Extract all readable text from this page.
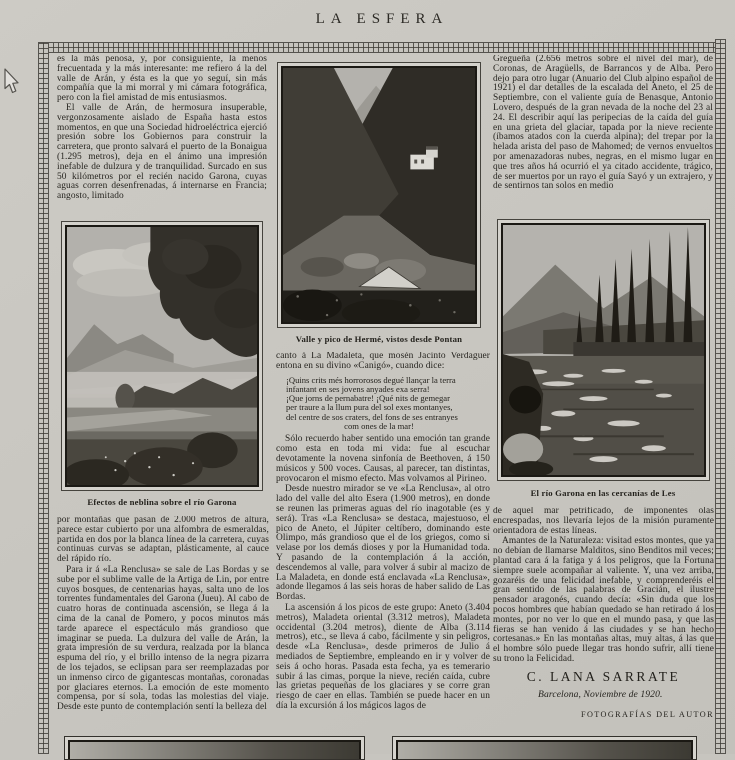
LA ESFERA

es la más penosa, y, por consiguiente, la menos frecuentada y la más interesante: me refiero á la del valle de Arán, y ésta es la que yo seguí, sin más compañía que la mi morral y mi cámara fotográfica, pero con la fiel amistad de mis entusiasmos.

El valle de Arán, de hermosura insuperable, vergonzosamente aislado de España hasta estos momentos, en que una Sociedad hidroeléctrica ejerció presión sobre los Gobiernos para construir la carretera, que pronto salvará el puerto de la Bonaigua (1.295 metros), deja en el ánimo una impresión inefable de dulzura y de tranquilidad. Surcado en sus 50 kilómetros por el recién nacido Garona, cuyas aguas corren desenfrenadas, á internarse en Francia; angosto, limitado

Efectos de neblina sobre el río Garona

por montañas que pasan de 2.000 metros de altura, parece estar cubierto por una alfombra de esmeraldas, partida en dos por la blanca línea de la carretera, cuyas continuas curvas se adaptan, plásticamente, al cauce del rápido río.

Para ir á «La Renclusa» se sale de Las Bordas y se sube por el sublime valle de la Artiga de Lin, por entre cuyos bosques, de centenarias hayas, salta uno de los torrentes fundamentales del Garona (Jueu). Al cabo de cuatro horas de continuada ascensión, se llega á la cima de la canal de Pomero, y pocos minutos más tarde aparece el espectáculo más grandioso que imaginar se pueda. La dulzura del valle de Arán, la grata impresión de su verdura, realzada por la blanca espuma del río, y el brillo intenso de la negra pizarra de los tejados, se eclipsan para ser reemplazadas por un inmenso circo de gigantescas montañas, coronadas por glaciares eternos. La emoción de este momento compensa, por sí sola, todas las molestias del viaje. Desde este punto de contemplación sentí la belleza del

Valle y pico de Hermé, vistos desde Pontan

canto á La Madaleta, que mosén Jacinto Verdaguer entona en su divino «Canigó», cuando dice:

¡Quins crits més horrorosos degué llançar la terra
infantant en ses jovens anyades exa serra!
¡Que jorns de pernabatre! ¡Qué nits de gemegar
per traure a la llum pura del sol exes montanyes,
del centre de sos craters, del fons de ses entranyes
com ones de la mar!

Sólo recuerdo haber sentido una emoción tan grande como esta en toda mi vida: fue al escuchar devotamente la novena sinfonía de Beethoven, á 150 músicos y 500 voces. Causas, al parecer, tan distintas, provocaron el mismo efecto. Mas volvamos al Pirineo.

Desde nuestro mirador se ve «La Renclusa», al otro lado del valle del alto Esera (1.900 metros), en donde se reunen las primeras aguas del río inagotable (es y será). Tras «La Renclusa» se destaca, majestuoso, el pico de Aneto, el Júpiter celtíbero, dominando este Olimpo, más grandioso que el de los griegos, como si velase por los demás dioses y por la Humanidad toda. Y pasando de la contemplación á la acción, descendemos al valle, para volver á subir al macizo de La Maladeta, en donde está enclavada «La Renclusa», adonde llegamos á las seis horas de haber salido de Las Bordas.

La ascensión á los picos de este grupo: Aneto (3.404 metros), Maladeta oriental (3.312 metros), Maladeta occidental (3.204 metros), diente de Alba (3.114 metros), etc., se lleva á cabo, fácilmente y sin peligros, desde «La Renclusa», desde primeros de Julio á mediados de Septiembre, empleando en ir y volver de seis á ocho horas. Pasada esta fecha, ya es temerario subir á las cimas, porque la nieve, recién caída, cubre las grietas pequeñas de los glaciares y se corre gran riesgo de caer en ellas. También se puede hacer en un día la excursión á los mágicos lagos de

Gregueña (2.656 metros sobre el nivel del mar), de Coronas, de Aragüells, de Barrancos y de Alba. Pero dejo para otro lugar (Anuario del Club alpino español de 1921) el dar detalles de la escalada del Aneto, el 25 de Septiembre, con el valiente guía de Benasque, Antonio Lovero, después de la gran nevada de la noche del 23 al 24. El describir aquí las peripecias de la caída del guía en una grieta del glaciar, tapada por la nieve reciente (íbamos atados con la cuerda alpina); del trepar por la helada arista del paso de Mahomed; de vernos envueltos por amenazadoras nubes, negras, en el mismo lugar en que tres años há ocurrió el ya citado accidente, trágico, de ser muertos por un rayo el guía Sayó y un extrajero, y de sentirnos tan solos en medio

El río Garona en las cercanías de Les

de aquel mar petrificado, de imponentes olas encrespadas, nos llevaría lejos de la misión puramente orientadora de estas líneas.

Amantes de la Naturaleza: visitad estos montes, que ya no debían de llamarse Malditos, sino Benditos mil veces; plantad cara á la fatiga y á los peligros, que la Fortuna siempre suele acompañar al valiente. Y, una vez arriba, gozaréis de una felicidad inefable, y comprenderéis el gran sentido de las palabras de Gracián, el ilustre pensador aragonés, cuando decía: «Sin duda que los pocos hombres que habían quedado se han retirado á los montes, por no ver lo que en el mundo pasa, y que las fieras se han venido á las ciudades y se han hecho cortesanas.» En las montañas altas, muy altas, á las que el hombre sólo puede llegar tras hondo sufrir, allí tiene su trono la Felicidad.

C. LANA SARRATE
Barcelona, Noviembre de 1920.
FOTOGRAFÍAS DEL AUTOR
